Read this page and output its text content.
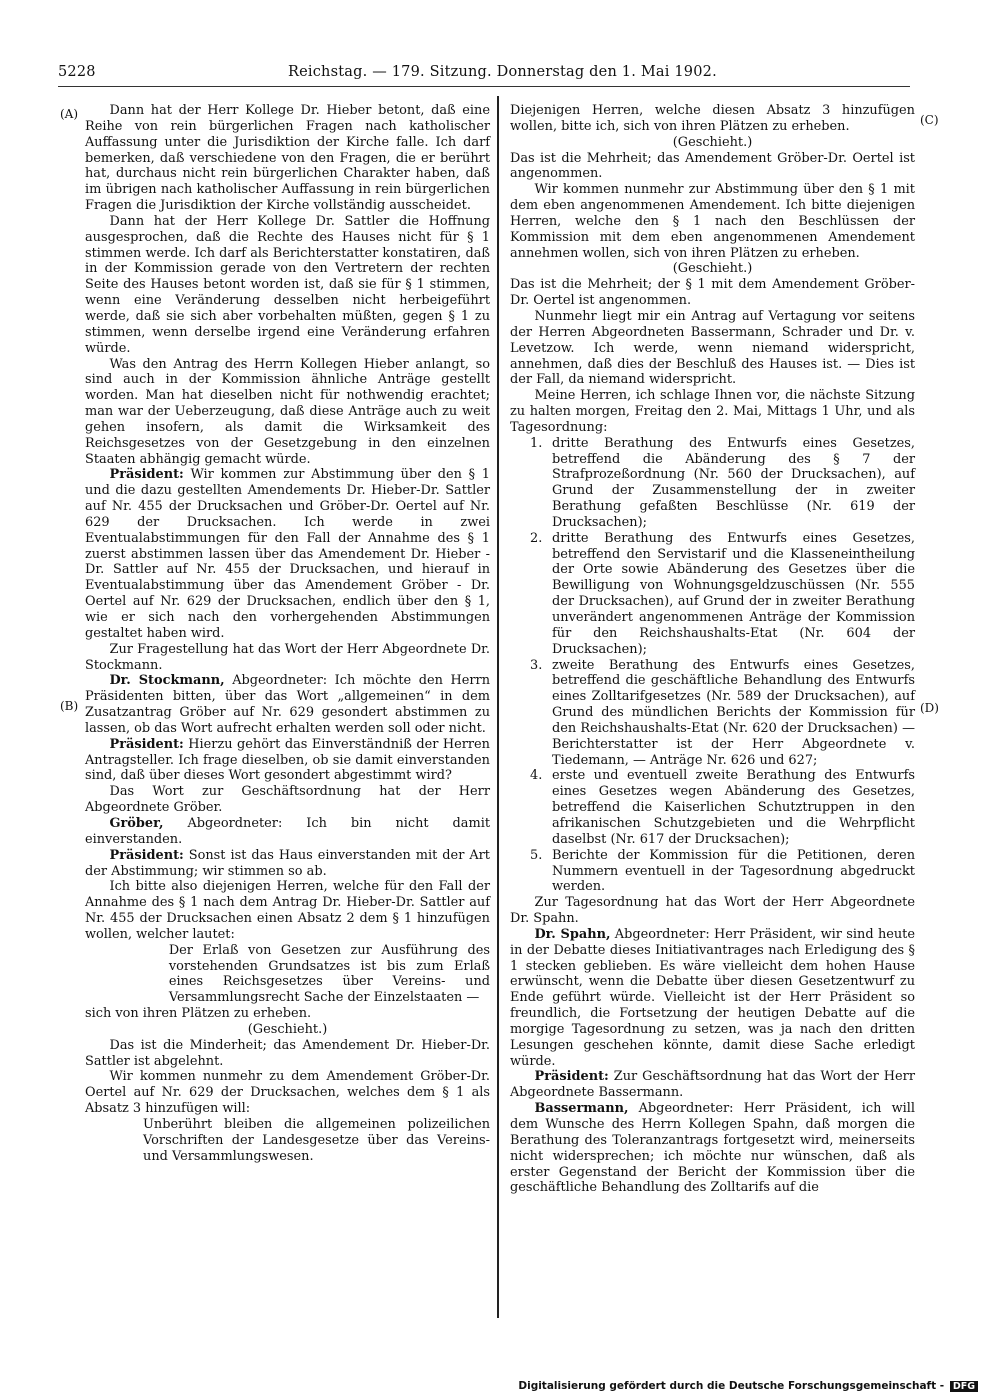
5228	Reichstag. — 179. Sitzung. Donnerstag den 1. Mai 1902.
(A)
(B)
(C)
(D)

Dann hat der Herr Kollege Dr. Hieber betont, daß eine Reihe von rein bürgerlichen Fragen nach katholischer Auffassung unter die Jurisdiktion der Kirche falle. Ich darf bemerken, daß verschiedene von den Fragen, die er berührt hat, durchaus nicht rein bürgerlichen Charakter haben, daß im übrigen nach katholischer Auffassung in rein bürgerlichen Fragen die Jurisdiktion der Kirche vollständig ausscheidet.

Dann hat der Herr Kollege Dr. Sattler die Hoffnung ausgesprochen, daß die Rechte des Hauses nicht für § 1 stimmen werde. Ich darf als Berichterstatter konstatiren, daß in der Kommission gerade von den Vertretern der rechten Seite des Hauses betont worden ist, daß sie für § 1 stimmen, wenn eine Veränderung desselben nicht herbeigeführt werde, daß sie sich aber vorbehalten müßten, gegen § 1 zu stimmen, wenn derselbe irgend eine Veränderung erfahren würde.

Was den Antrag des Herrn Kollegen Hieber anlangt, so sind auch in der Kommission ähnliche Anträge gestellt worden. Man hat dieselben nicht für nothwendig erachtet; man war der Ueberzeugung, daß diese Anträge auch zu weit gehen insofern, als damit die Wirksamkeit des Reichsgesetzes von der Gesetzgebung in den einzelnen Staaten abhängig gemacht würde.

Präsident: Wir kommen zur Abstimmung über den § 1 und die dazu gestellten Amendements Dr. Hieber-Dr. Sattler auf Nr. 455 der Drucksachen und Gröber-Dr. Oertel auf Nr. 629 der Drucksachen. Ich werde in zwei Eventualabstimmungen für den Fall der Annahme des § 1 zuerst abstimmen lassen über das Amendement Dr. Hieber - Dr. Sattler auf Nr. 455 der Drucksachen, und hierauf in Eventualabstimmung über das Amendement Gröber - Dr. Oertel auf Nr. 629 der Drucksachen, endlich über den § 1, wie er sich nach den vorhergehenden Abstimmungen gestaltet haben wird.

Zur Fragestellung hat das Wort der Herr Abgeordnete Dr. Stockmann.

Dr. Stockmann, Abgeordneter: Ich möchte den Herrn Präsidenten bitten, über das Wort „allgemeinen“ in dem Zusatzantrag Gröber auf Nr. 629 gesondert abstimmen zu lassen, ob das Wort aufrecht erhalten werden soll oder nicht.

Präsident: Hierzu gehört das Einverständniß der Herren Antragsteller. Ich frage dieselben, ob sie damit einverstanden sind, daß über dieses Wort gesondert abgestimmt wird?

Das Wort zur Geschäftsordnung hat der Herr Abgeordnete Gröber.

Gröber, Abgeordneter: Ich bin nicht damit einverstanden.

Präsident: Sonst ist das Haus einverstanden mit der Art der Abstimmung; wir stimmen so ab.

Ich bitte also diejenigen Herren, welche für den Fall der Annahme des § 1 nach dem Antrag Dr. Hieber-Dr. Sattler auf Nr. 455 der Drucksachen einen Absatz 2 dem § 1 hinzufügen wollen, welcher lautet:

Der Erlaß von Gesetzen zur Ausführung des vorstehenden Grundsatzes ist bis zum Erlaß eines Reichsgesetzes über Vereins- und Versammlungsrecht Sache der Einzelstaaten —

sich von ihren Plätzen zu erheben.

(Geschieht.)

Das ist die Minderheit; das Amendement Dr. Hieber-Dr. Sattler ist abgelehnt.

Wir kommen nunmehr zu dem Amendement Gröber-Dr. Oertel auf Nr. 629 der Drucksachen, welches dem § 1 als Absatz 3 hinzufügen will:

Unberührt bleiben die allgemeinen polizeilichen Vorschriften der Landesgesetze über das Vereins- und Versammlungswesen.

Diejenigen Herren, welche diesen Absatz 3 hinzufügen wollen, bitte ich, sich von ihren Plätzen zu erheben.

(Geschieht.)

Das ist die Mehrheit; das Amendement Gröber-Dr. Oertel ist angenommen.

Wir kommen nunmehr zur Abstimmung über den § 1 mit dem eben angenommenen Amendement. Ich bitte diejenigen Herren, welche den § 1 nach den Beschlüssen der Kommission mit dem eben angenommenen Amendement annehmen wollen, sich von ihren Plätzen zu erheben.

(Geschieht.)

Das ist die Mehrheit; der § 1 mit dem Amendement Gröber-Dr. Oertel ist angenommen.

Nunmehr liegt mir ein Antrag auf Vertagung vor seitens der Herren Abgeordneten Bassermann, Schrader und Dr. v. Levetzow. Ich werde, wenn niemand widerspricht, annehmen, daß dies der Beschluß des Hauses ist. — Dies ist der Fall, da niemand widerspricht.

Meine Herren, ich schlage Ihnen vor, die nächste Sitzung zu halten morgen, Freitag den 2. Mai, Mittags 1 Uhr, und als Tagesordnung:

1. dritte Berathung des Entwurfs eines Gesetzes, betreffend die Abänderung des § 7 der Strafprozeßordnung (Nr. 560 der Drucksachen), auf Grund der Zusammenstellung der in zweiter Berathung gefaßten Beschlüsse (Nr. 619 der Drucksachen);
2. dritte Berathung des Entwurfs eines Gesetzes, betreffend den Servistarif und die Klasseneintheilung der Orte sowie Abänderung des Gesetzes über die Bewilligung von Wohnungsgeldzuschüssen (Nr. 555 der Drucksachen), auf Grund der in zweiter Berathung unverändert angenommenen Anträge der Kommission für den Reichshaushalts-Etat (Nr. 604 der Drucksachen);
3. zweite Berathung des Entwurfs eines Gesetzes, betreffend die geschäftliche Behandlung des Entwurfs eines Zolltarifgesetzes (Nr. 589 der Drucksachen), auf Grund des mündlichen Berichts der Kommission für den Reichshaushalts-Etat (Nr. 620 der Drucksachen) — Berichterstatter ist der Herr Abgeordnete v. Tiedemann, — Anträge Nr. 626 und 627;
4. erste und eventuell zweite Berathung des Entwurfs eines Gesetzes wegen Abänderung des Gesetzes, betreffend die Kaiserlichen Schutztruppen in den afrikanischen Schutzgebieten und die Wehrpflicht daselbst (Nr. 617 der Drucksachen);
5. Berichte der Kommission für die Petitionen, deren Nummern eventuell in der Tagesordnung abgedruckt werden.

Zur Tagesordnung hat das Wort der Herr Abgeordnete Dr. Spahn.

Dr. Spahn, Abgeordneter: Herr Präsident, wir sind heute in der Debatte dieses Initiativantrages nach Erledigung des § 1 stecken geblieben. Es wäre vielleicht dem hohen Hause erwünscht, wenn die Debatte über diesen Gesetzentwurf zu Ende geführt würde. Vielleicht ist der Herr Präsident so freundlich, die Fortsetzung der heutigen Debatte auf die morgige Tagesordnung zu setzen, was ja nach den dritten Lesungen geschehen könnte, damit diese Sache erledigt würde.

Präsident: Zur Geschäftsordnung hat das Wort der Herr Abgeordnete Bassermann.

Bassermann, Abgeordneter: Herr Präsident, ich will dem Wunsche des Herrn Kollegen Spahn, daß morgen die Berathung des Toleranzantrags fortgesetzt wird, meinerseits nicht widersprechen; ich möchte nur wünschen, daß als erster Gegenstand der Bericht der Kommission über die geschäftliche Behandlung des Zolltarifs auf die

Digitalisierung gefördert durch die Deutsche Forschungsgemeinschaft - DFG
